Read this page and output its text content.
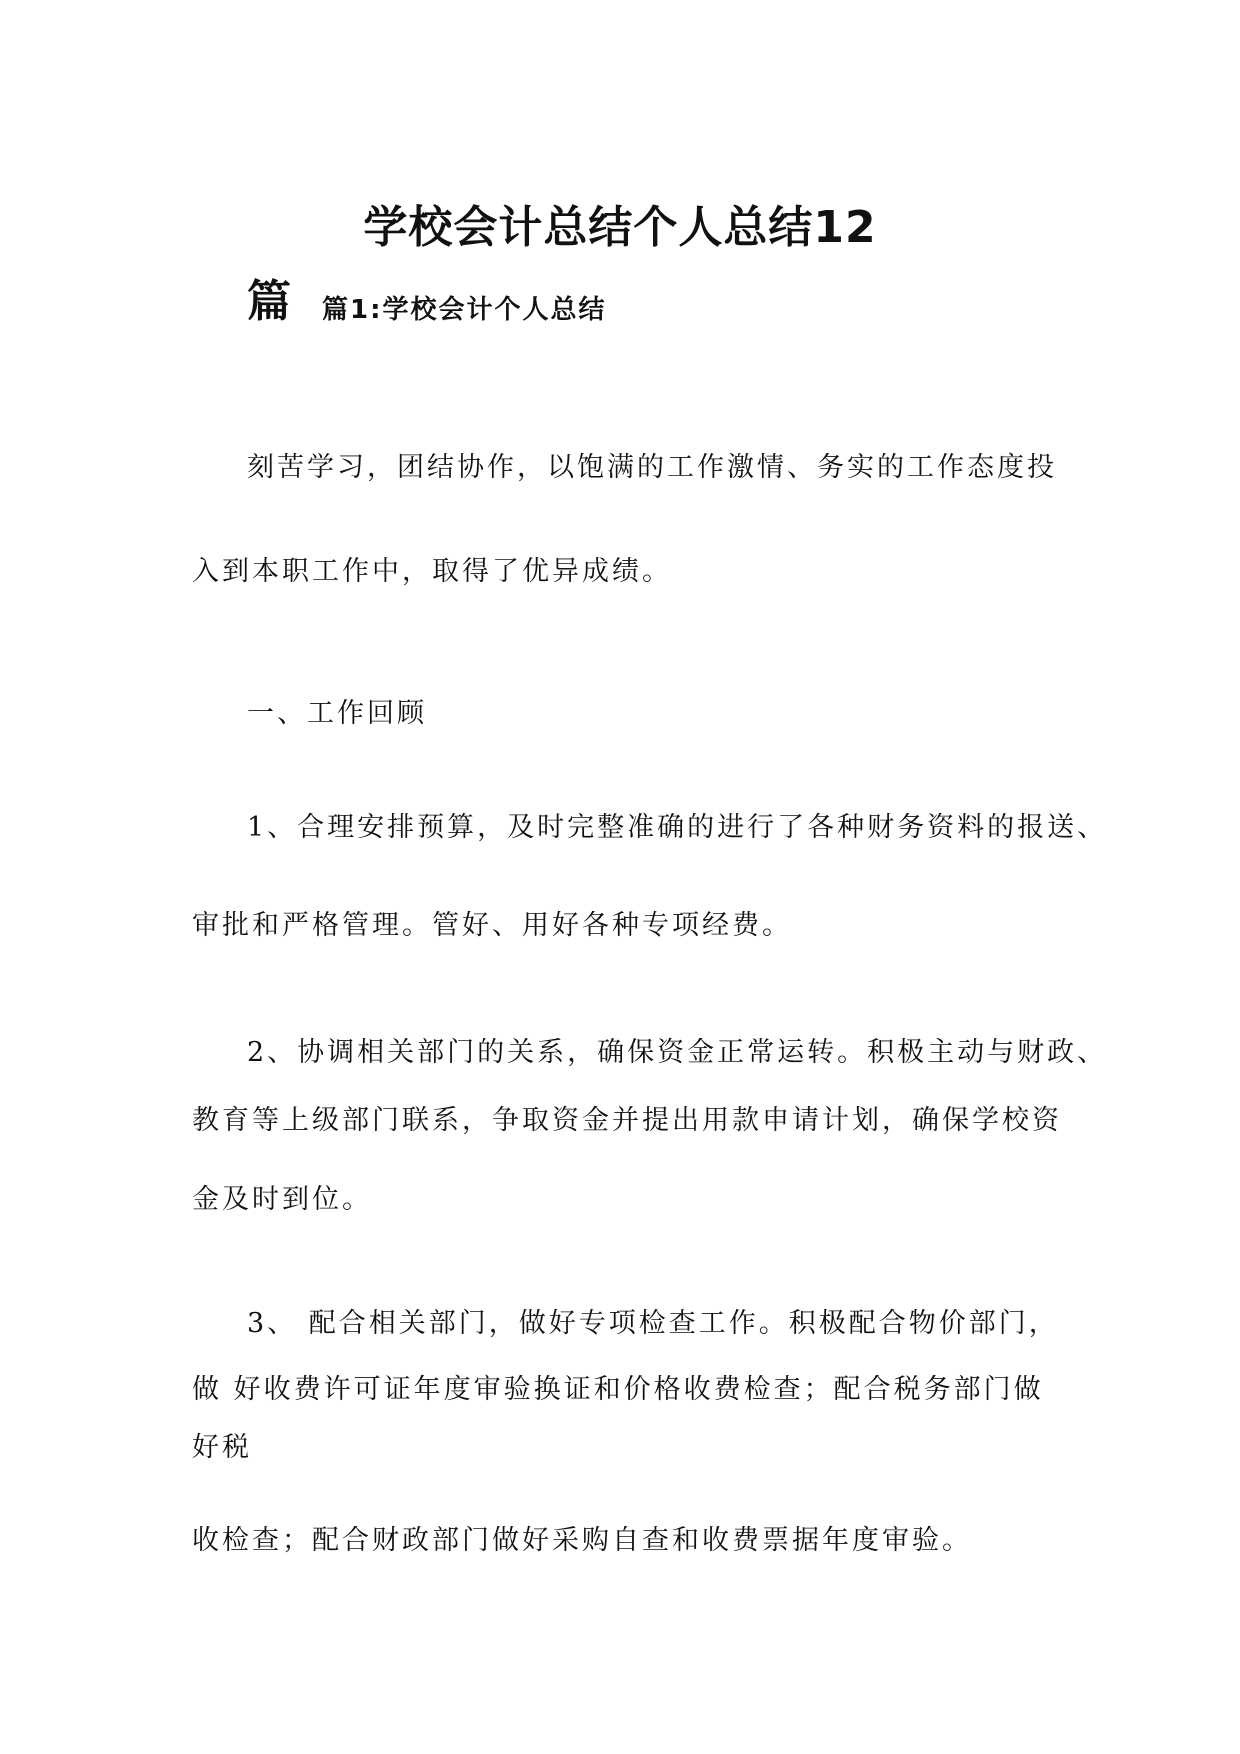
学校会计总结个人总结12
篇 篇1:学校会计个人总结
刻苦学习，团结协作，以饱满的工作激情、务实的工作态度投
入到本职工作中，取得了优异成绩。
一、工作回顾
1、合理安排预算，及时完整准确的进行了各种财务资料的报送、
审批和严格管理。管好、用好各种专项经费。
2、协调相关部门的关系，确保资金正常运转。积极主动与财政、
教育等上级部门联系，争取资金并提出用款申请计划，确保学校资
金及时到位。
3、 配合相关部门，做好专项检查工作。积极配合物价部门，
做 好收费许可证年度审验换证和价格收费检查；配合税务部门做
好税
收检查；配合财政部门做好采购自查和收费票据年度审验。
